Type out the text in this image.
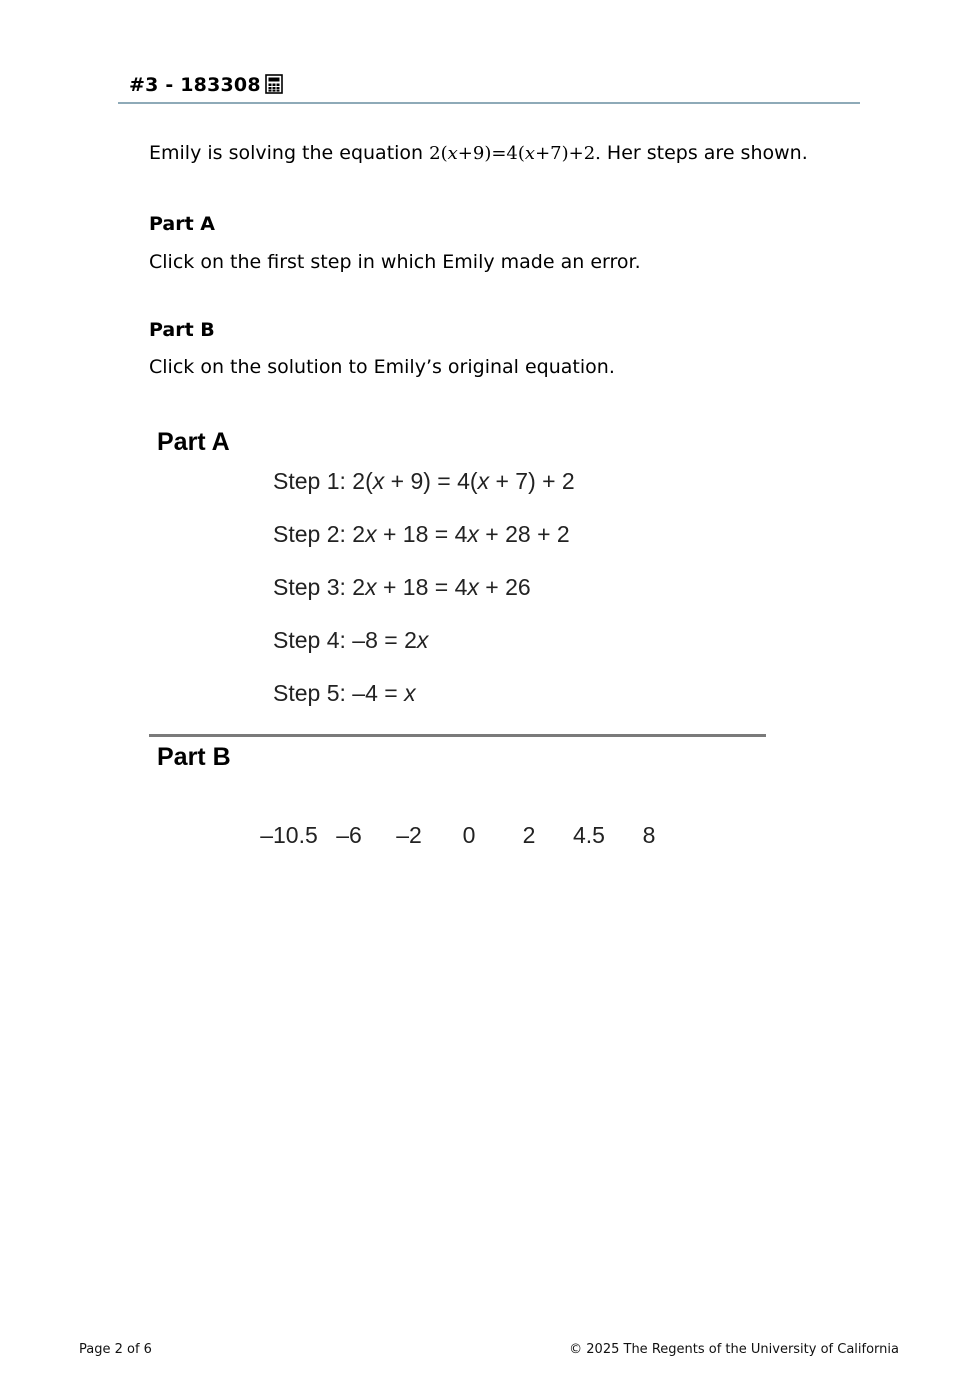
#3 - 183308
Emily is solving the equation 2(x+9)=4(x+7)+2. Her steps are shown.
Part A
Click on the first step in which Emily made an error.
Part B
Click on the solution to Emily’s original equation.
Part A
Step 1: 2(x + 9) = 4(x + 7) + 2
Step 2: 2x + 18 = 4x + 28 + 2
Step 3: 2x + 18 = 4x + 26
Step 4: –8 = 2x
Step 5: –4 = x
Part B
–10.5 –6	–2	0	2	4.5	8
Page 2 of 6	© 2025 The Regents of the University of California
